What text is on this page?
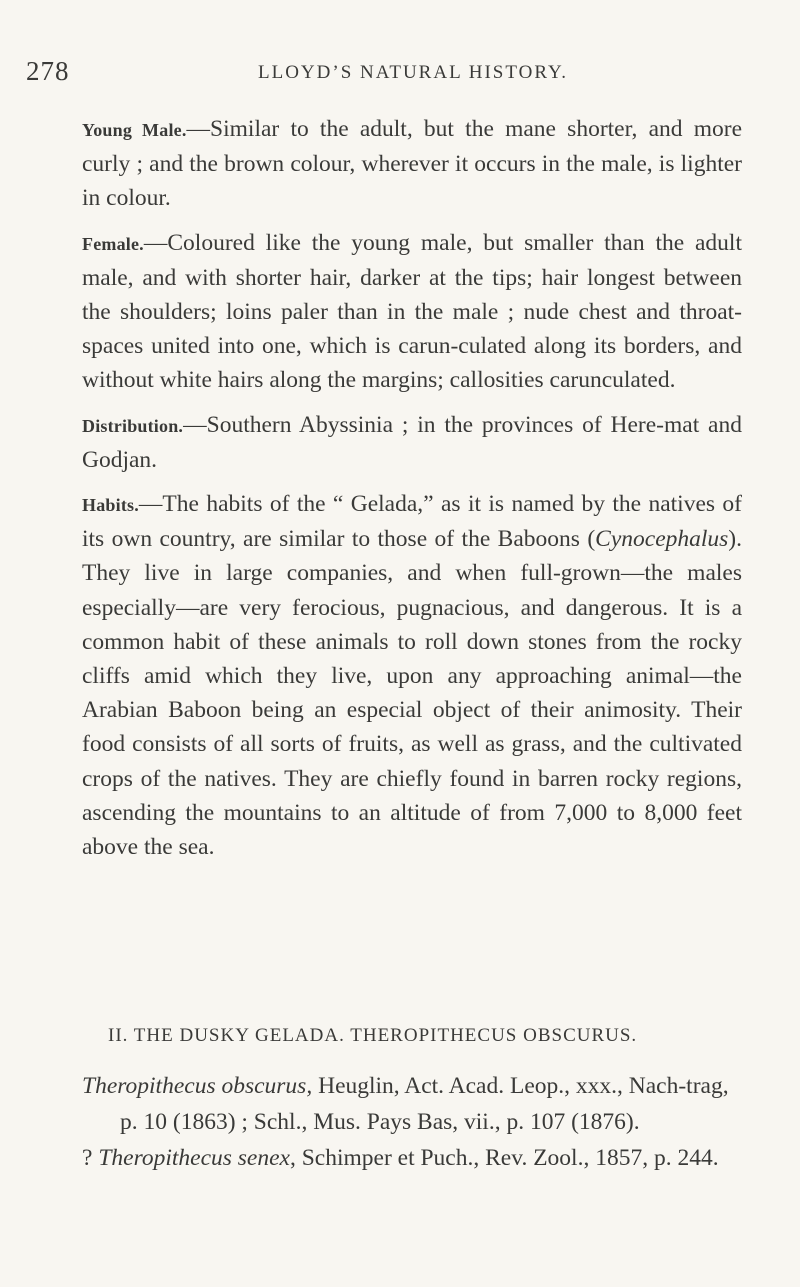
278	LLOYD’S NATURAL HISTORY.

Young Male.—Similar to the adult, but the mane shorter, and more curly ; and the brown colour, wherever it occurs in the male, is lighter in colour.

Female.—Coloured like the young male, but smaller than the adult male, and with shorter hair, darker at the tips; hair longest between the shoulders; loins paler than in the male ; nude chest and throat-spaces united into one, which is carun-culated along its borders, and without white hairs along the margins; callosities carunculated.

Distribution.—Southern Abyssinia ; in the provinces of Here-mat and Godjan.

Habits.—The habits of the “ Gelada,” as it is named by the natives of its own country, are similar to those of the Baboons (Cynocephalus). They live in large companies, and when full-grown—the males especially—are very ferocious, pugnacious, and dangerous. It is a common habit of these animals to roll down stones from the rocky cliffs amid which they live, upon any approaching animal—the Arabian Baboon being an especial object of their animosity. Their food consists of all sorts of fruits, as well as grass, and the cultivated crops of the natives. They are chiefly found in barren rocky regions, ascending the mountains to an altitude of from 7,000 to 8,000 feet above the sea.

II. THE DUSKY GELADA. THEROPITHECUS OBSCURUS.

Theropithecus obscurus, Heuglin, Act. Acad. Leop., xxx., Nach-trag, p. 10 (1863) ; Schl., Mus. Pays Bas, vii., p. 107 (1876).

? Theropithecus senex, Schimper et Puch., Rev. Zool., 1857, p. 244.
